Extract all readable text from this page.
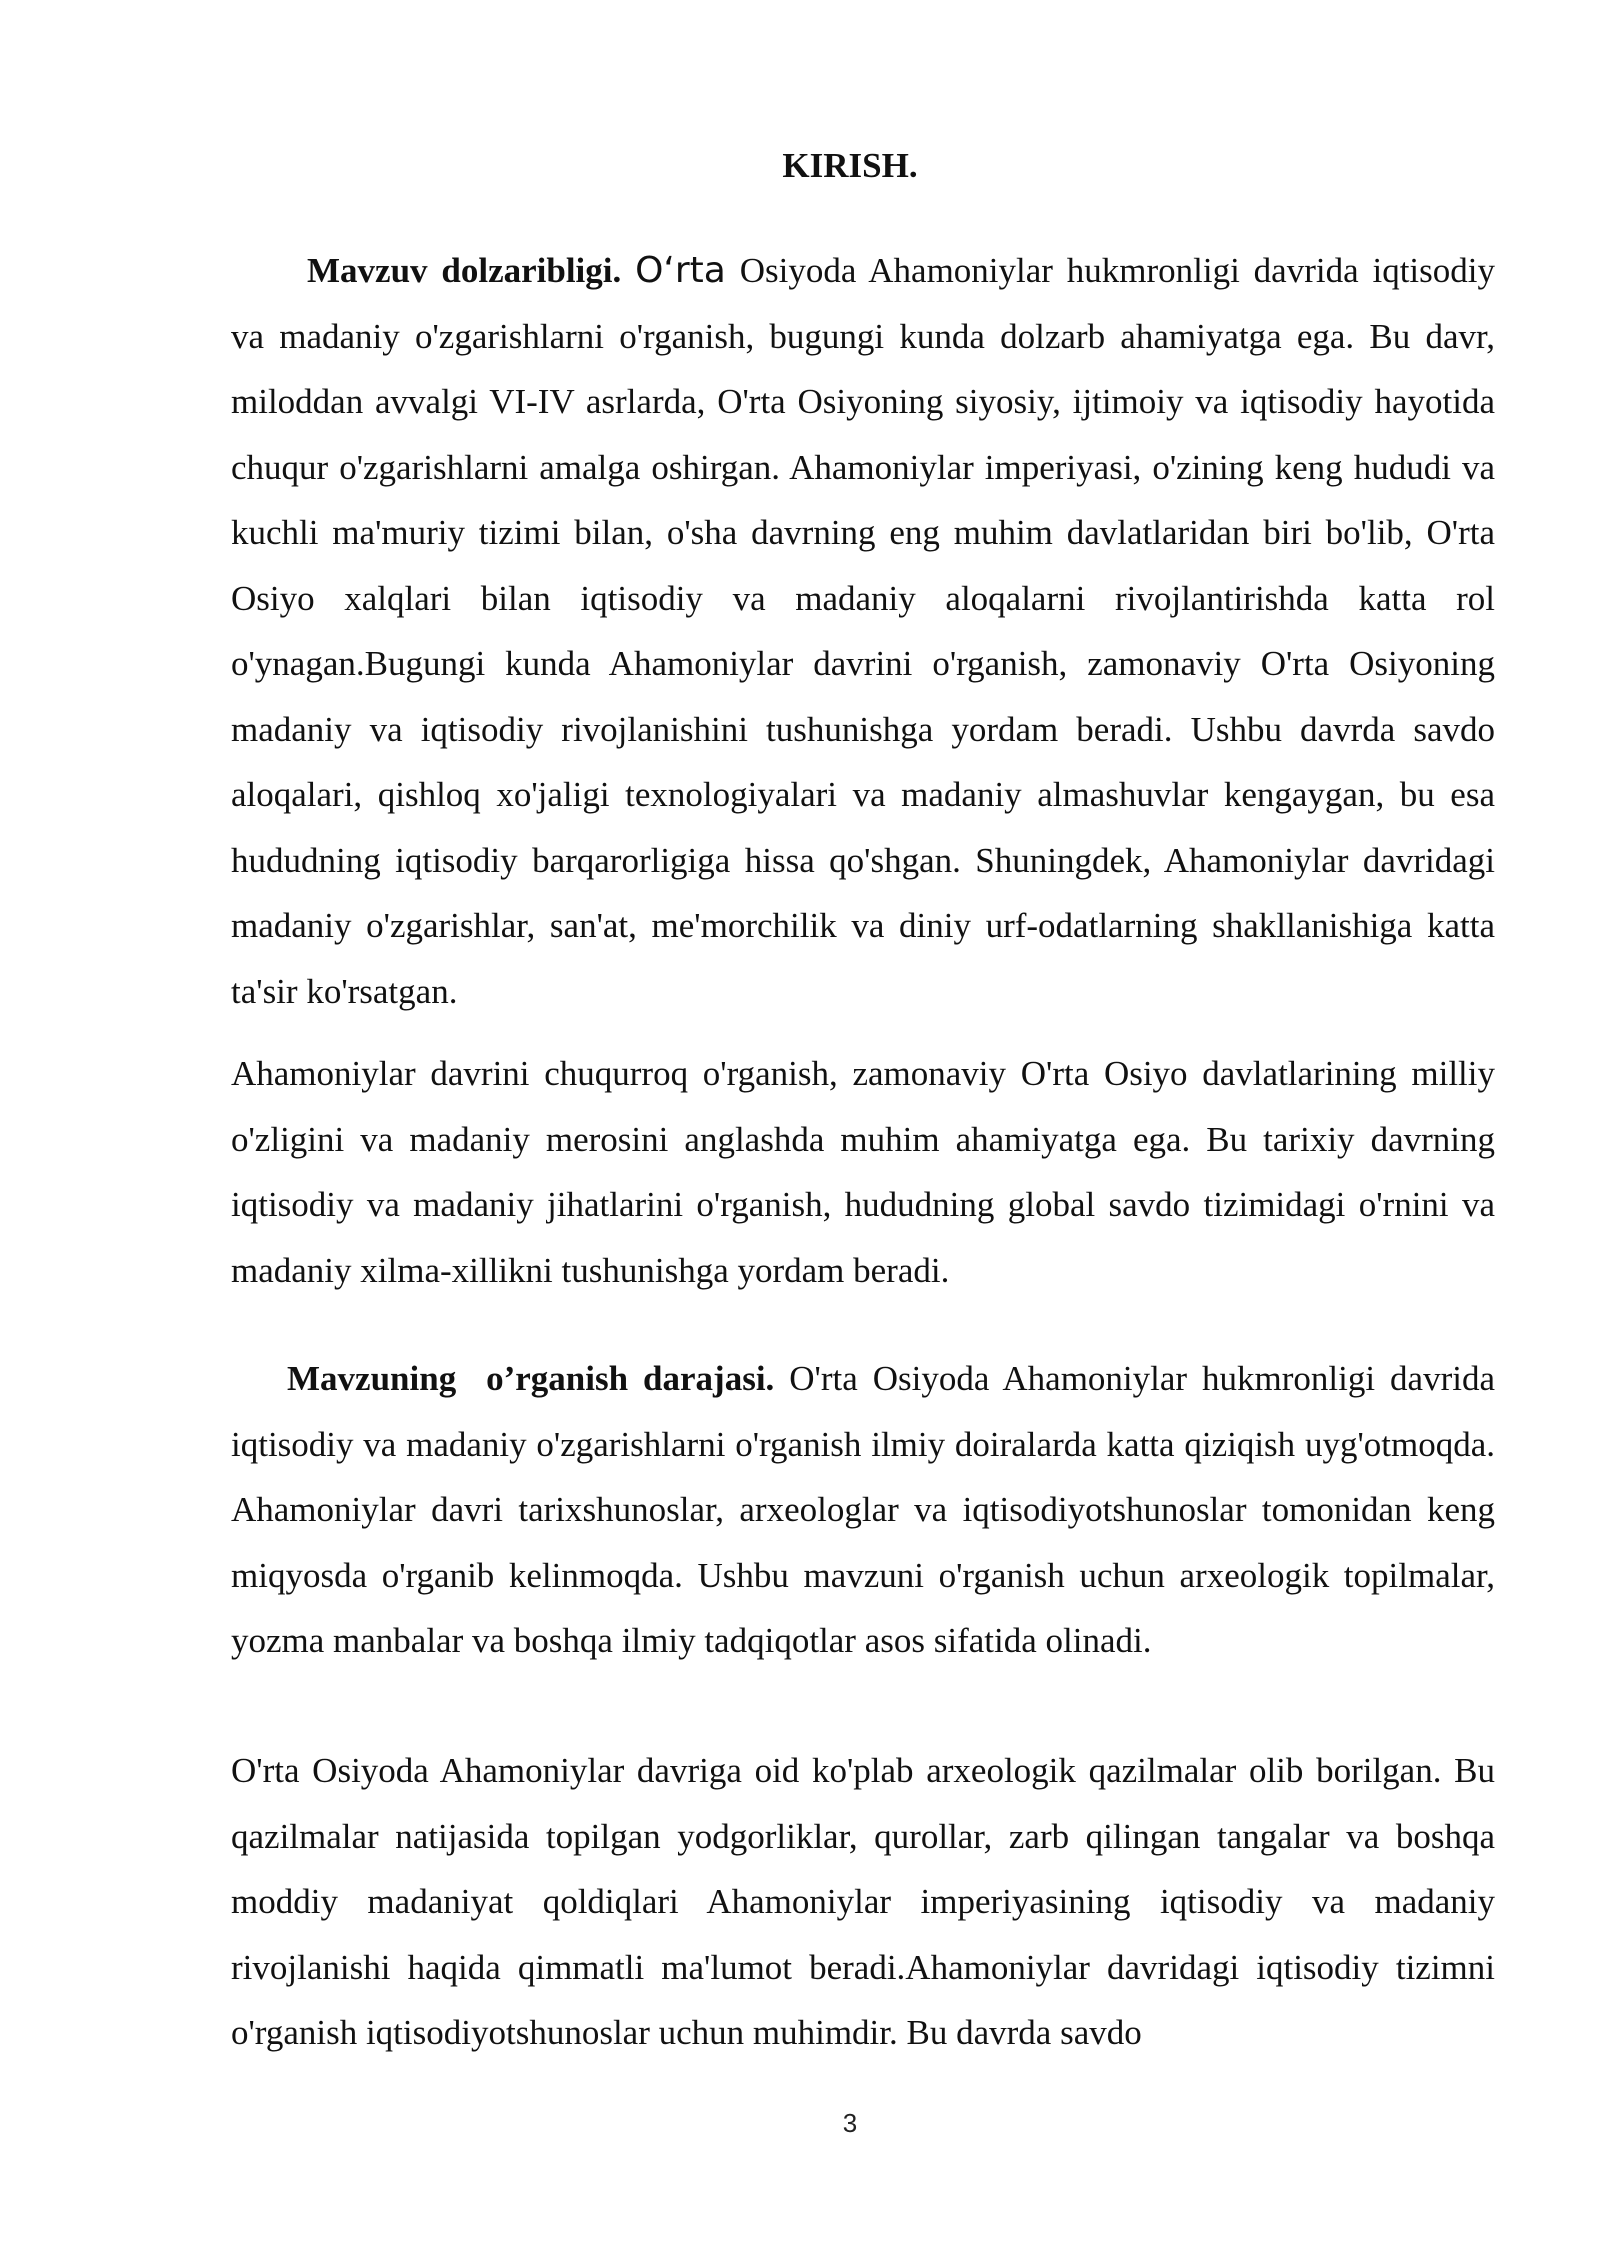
KIRISH.

Mavzuv dolzaribligi. O‘rta Osiyoda Ahamoniylar hukmronligi davrida iqtisodiy va madaniy o'zgarishlarni o'rganish, bugungi kunda dolzarb ahamiyatga ega. Bu davr, miloddan avvalgi VI-IV asrlarda, O'rta Osiyoning siyosiy, ijtimoiy va iqtisodiy hayotida chuqur o'zgarishlarni amalga oshirgan. Ahamoniylar imperiyasi, o'zining keng hududi va kuchli ma'muriy tizimi bilan, o'sha davrning eng muhim davlatlaridan biri bo'lib, O'rta Osiyo xalqlari bilan iqtisodiy va madaniy aloqalarni rivojlantirishda katta rol o'ynagan.Bugungi kunda Ahamoniylar davrini o'rganish, zamonaviy O'rta Osiyoning madaniy va iqtisodiy rivojlanishini tushunishga yordam beradi. Ushbu davrda savdo aloqalari, qishloq xo'jaligi texnologiyalari va madaniy almashuvlar kengaygan, bu esa hududning iqtisodiy barqarorligiga hissa qo'shgan. Shuningdek, Ahamoniylar davridagi madaniy o'zgarishlar, san'at, me'morchilik va diniy urf-odatlarning shakllanishiga katta ta'sir ko'rsatgan.

Ahamoniylar davrini chuqurroq o'rganish, zamonaviy O'rta Osiyo davlatlarining milliy o'zligini va madaniy merosini anglashda muhim ahamiyatga ega. Bu tarixiy davrning iqtisodiy va madaniy jihatlarini o'rganish, hududning global savdo tizimidagi o'rnini va madaniy xilma-xillikni tushunishga yordam beradi.

Mavzuning  o’rganish darajasi. O'rta Osiyoda Ahamoniylar hukmronligi davrida iqtisodiy va madaniy o'zgarishlarni o'rganish ilmiy doiralarda katta qiziqish uyg'otmoqda. Ahamoniylar davri tarixshunoslar, arxeologlar va iqtisodiyotshunoslar tomonidan keng miqyosda o'rganib kelinmoqda. Ushbu mavzuni o'rganish uchun arxeologik topilmalar, yozma manbalar va boshqa ilmiy tadqiqotlar asos sifatida olinadi.

O'rta Osiyoda Ahamoniylar davriga oid ko'plab arxeologik qazilmalar olib borilgan. Bu qazilmalar natijasida topilgan yodgorliklar, qurollar, zarb qilingan tangalar va boshqa moddiy madaniyat qoldiqlari Ahamoniylar imperiyasining iqtisodiy va madaniy rivojlanishi haqida qimmatli ma'lumot beradi.Ahamoniylar davridagi iqtisodiy tizimni o'rganish iqtisodiyotshunoslar uchun muhimdir. Bu davrda savdo

3
